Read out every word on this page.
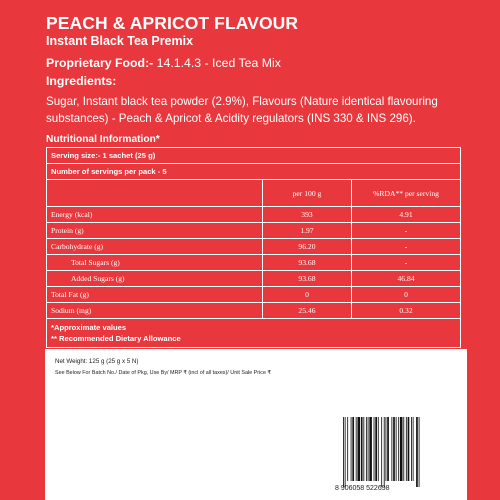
PEACH & APRICOT FLAVOUR
Instant Black Tea Premix
Proprietary Food:- 14.1.4.3 - Iced Tea Mix
Ingredients:
Sugar, Instant black tea powder (2.9%), Flavours (Nature identical flavouring substances) - Peach & Apricot & Acidity regulators (INS 330 & INS 296).
Nutritional Information*
Serving size:- 1 sachet (25 g)		
Number of servings per pack - 5		
	per 100 g	%RDA** per serving
Energy (kcal)	393	4.91
Protein (g)	1.97	-
Carbohydrate (g)	96.20	-
Total Sugars (g)	93.68	-
Added Sugars (g)	93.68	46.84
Total Fat (g)	0	0
Sodium (mg)	25.46	0.32

*Approximate values
** Recommended Dietary Allowance		
Net Weight: 125 g (25 g x 5 N)
See Below For Batch No./ Date of Pkg, Use By/ MRP ₹ (incl of all taxes)/ Unit Sale Price ₹
8 906058 522698
